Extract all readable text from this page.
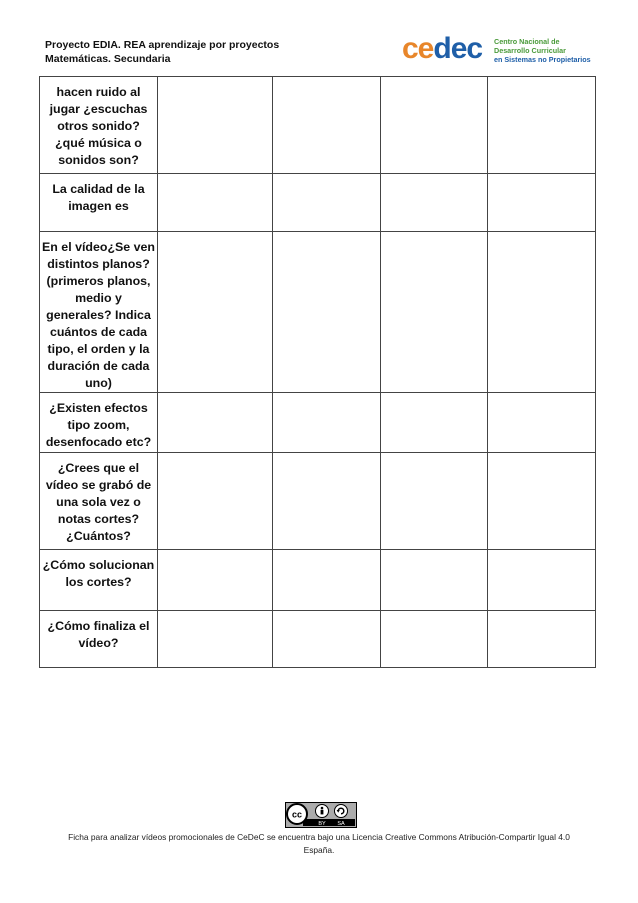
Proyecto EDIA. REA aprendizaje por proyectos
Matemáticas. Secundaria	cedec Centro Nacional de
Desarrollo Curricular
en Sistemas no Propietarios
hacen ruido al jugar ¿escuchas otros sonido? ¿qué música o sonidos son?				
La calidad de la imagen es				
En el vídeo¿Se ven distintos planos? (primeros planos, medio y generales? Indica cuántos de cada tipo, el orden y la duración de cada uno)				
¿Existen efectos tipo zoom, desenfocado etc?				
¿Crees que el vídeo se grabó de una sola vez o notas cortes? ¿Cuántos?				
¿Cómo solucionan los cortes?				
¿Cómo finaliza el vídeo?				
cc
BY SA
Ficha para analizar vídeos promocionales de CeDeC se encuentra bajo una Licencia Creative Commons Atribución-Compartir Igual 4.0 España.
